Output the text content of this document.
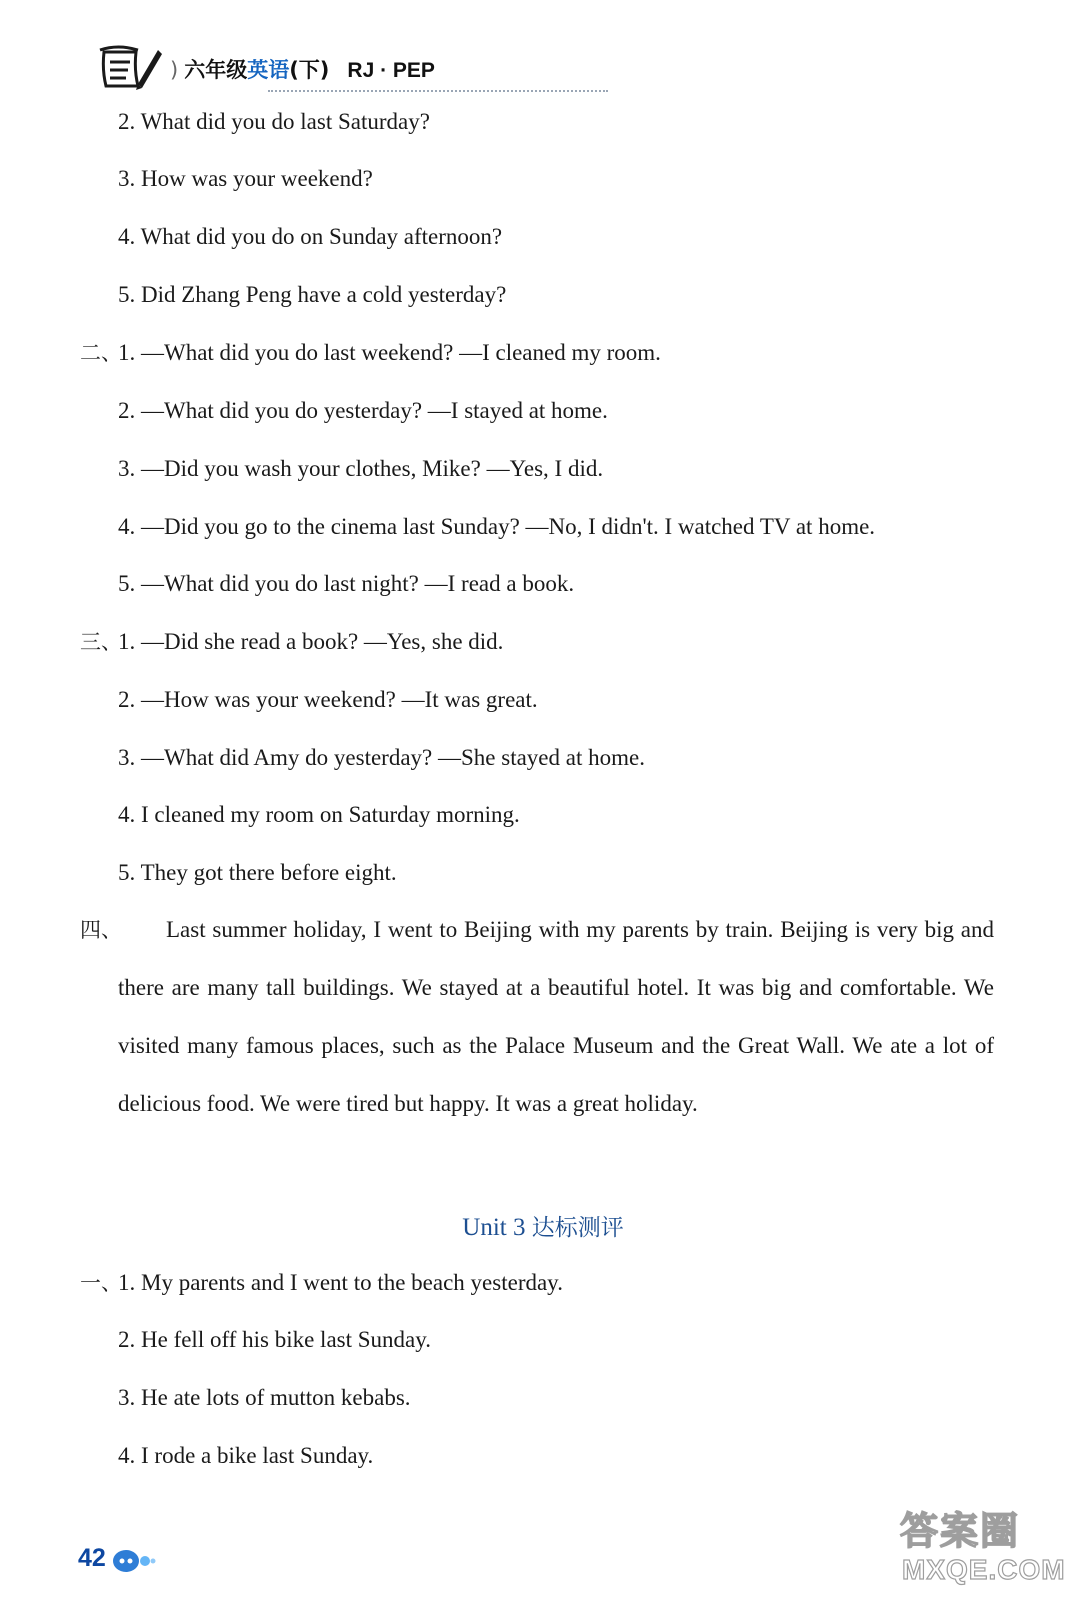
) 六年级英语(下) RJ · PEP
2. What did you do last Saturday?
3. How was your weekend?
4. What did you do on Sunday afternoon?
5. Did Zhang Peng have a cold yesterday?
二、
1. —What did you do last weekend? —I cleaned my room.
2. —What did you do yesterday? —I stayed at home.
3. —Did you wash your clothes, Mike? —Yes, I did.
4. —Did you go to the cinema last Sunday? —No, I didn't. I watched TV at home.
5. —What did you do last night? —I read a book.
三、
1. —Did she read a book? —Yes, she did.
2. —How was your weekend? —It was great.
3. —What did Amy do yesterday? —She stayed at home.
4. I cleaned my room on Saturday morning.
5. They got there before eight.
四、	Last summer holiday, I went to Beijing with my parents by train. Beijing is very big and there are many tall buildings. We stayed at a beautiful hotel. It was big and comfortable. We visited many famous places, such as the Palace Museum and the Great Wall. We ate a lot of delicious food. We were tired but happy. It was a great holiday.
Unit 3 达标测评
一、
1. My parents and I went to the beach yesterday.
2. He fell off his bike last Sunday.
3. He ate lots of mutton kebabs.
4. I rode a bike last Sunday.
42
答案圈
MXQE.COM
